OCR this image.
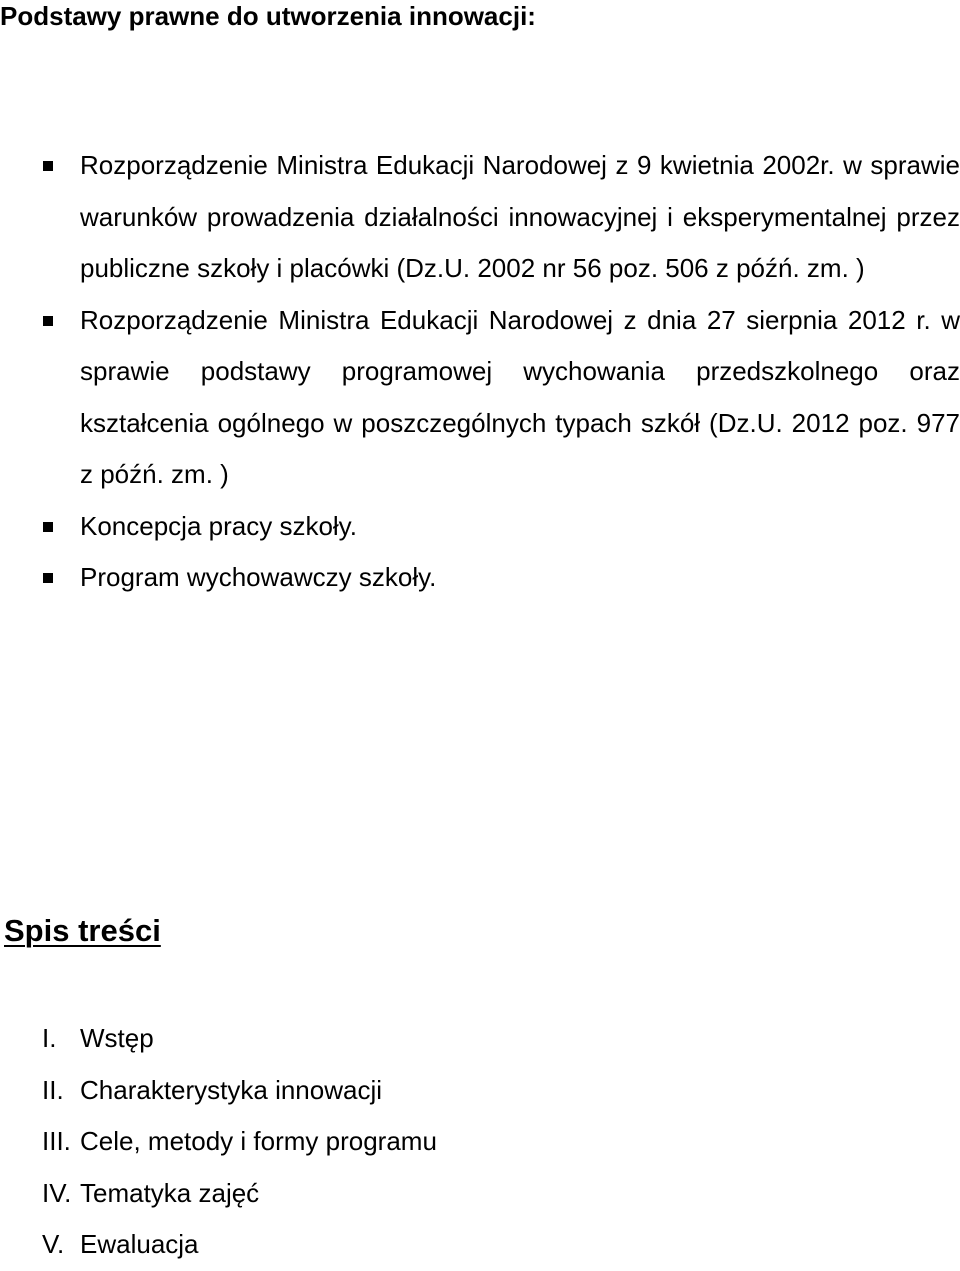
Podstawy prawne do utworzenia innowacji:
Rozporządzenie Ministra Edukacji Narodowej z 9 kwietnia 2002r. w sprawie warunków prowadzenia działalności innowacyjnej i eksperymentalnej przez publiczne szkoły i placówki (Dz.U. 2002 nr 56 poz. 506 z późń. zm. )
Rozporządzenie Ministra Edukacji Narodowej z dnia 27 sierpnia 2012 r. w sprawie podstawy programowej wychowania przedszkolnego oraz kształcenia ogólnego w poszczególnych typach szkół (Dz.U. 2012 poz. 977 z późń. zm. )
Koncepcja pracy szkoły.
Program wychowawczy szkoły.
Spis treści
I. Wstęp
II. Charakterystyka innowacji
III. Cele, metody i formy programu
IV. Tematyka zajęć
V. Ewaluacja
